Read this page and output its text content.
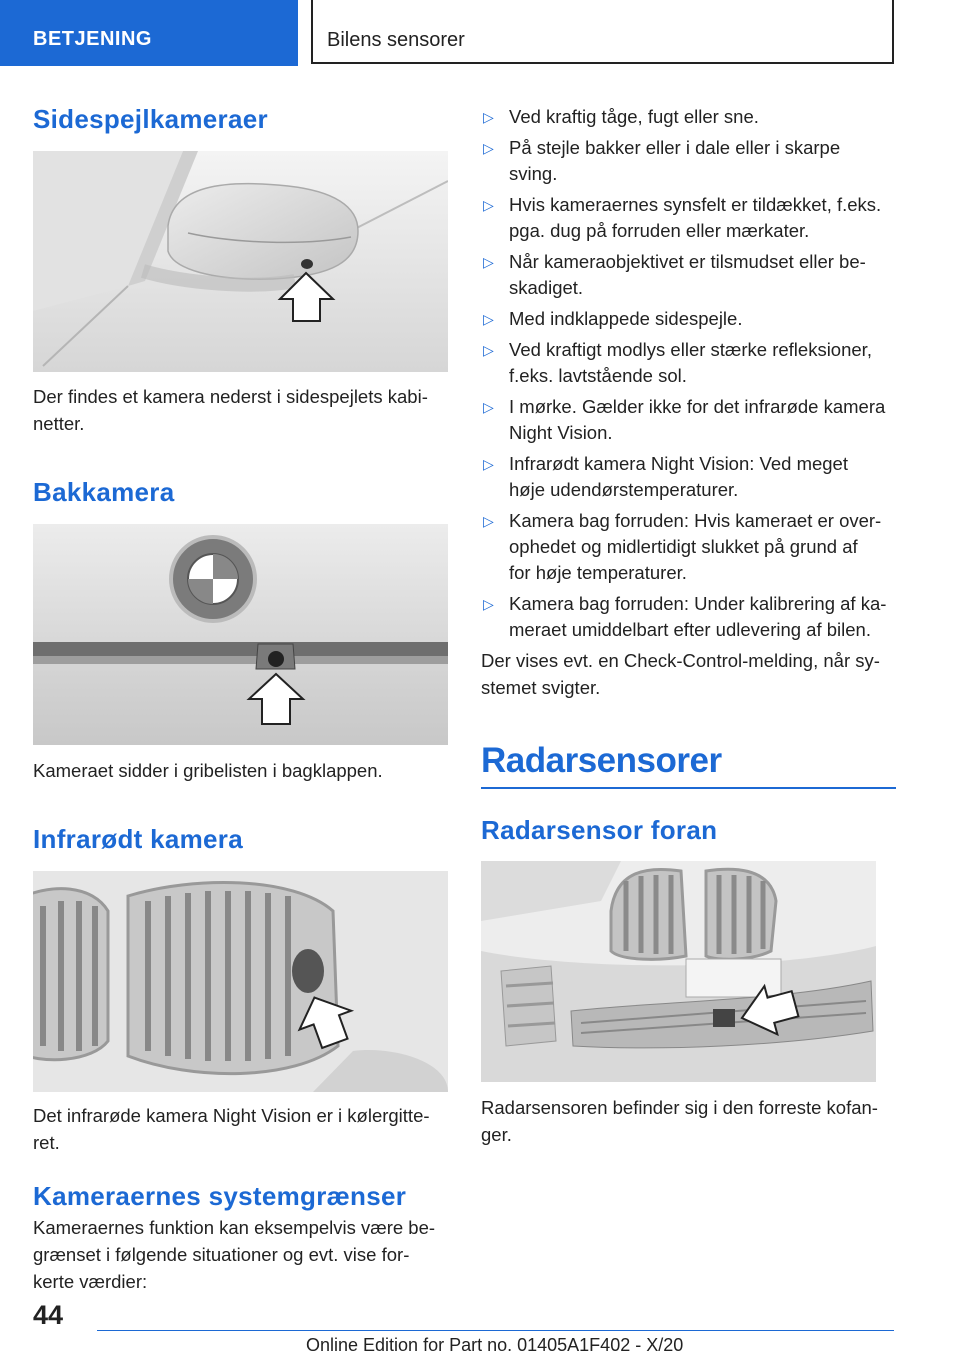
BETJENING	Bilens sensorer
Sidespejlkameraer

Der findes et kamera nederst i sidespejlets kabi-
netter.

Bakkamera

Kameraet sidder i gribelisten i bagklappen.

Infrarødt kamera

Det infrarøde kamera Night Vision er i kølergitte-
ret.

Kameraernes systemgrænser

Kameraernes funktion kan eksempelvis være be-
grænset i følgende situationer og evt. vise for-
kerte værdier:

▷ Ved kraftig tåge, fugt eller sne.
▷ På stejle bakker eller i dale eller i skarpe
sving.
▷ Hvis kameraernes synsfelt er tildækket, f.eks.
pga. dug på forruden eller mærkater.
▷ Når kameraobjektivet er tilsmudset eller be-
skadiget.
▷ Med indklappede sidespejle.
▷ Ved kraftigt modlys eller stærke refleksioner,
f.eks. lavtstående sol.
▷ I mørke. Gælder ikke for det infrarøde kamera
Night Vision.
▷ Infrarødt kamera Night Vision: Ved meget
høje udendørstemperaturer.
▷ Kamera bag forruden: Hvis kameraet er over-
ophedet og midlertidigt slukket på grund af
for høje temperaturer.
▷ Kamera bag forruden: Under kalibrering af ka-
meraet umiddelbart efter udlevering af bilen.

Der vises evt. en Check-Control-melding, når sy-
stemet svigter.

Radarsensorer
Radarsensor foran

Radarsensoren befinder sig i den forreste kofan-
ger.

44
Online Edition for Part no. 01405A1F402 - X/20
